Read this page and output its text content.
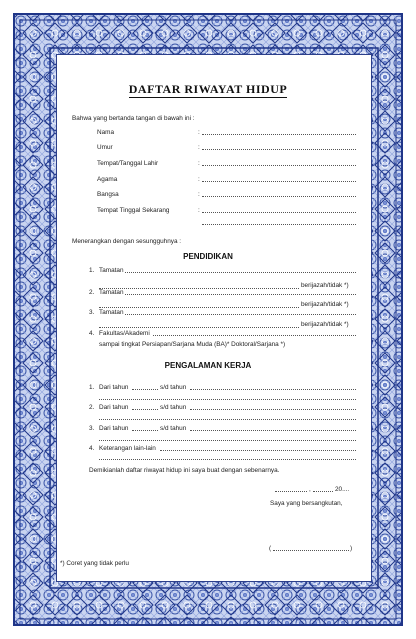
DAFTAR RIWAYAT HIDUP
Bahwa yang bertanda tangan di bawah ini :
Nama	:
Umur	:
Tempat/Tanggal Lahir	:
Agama	:
Bangsa	:
Tempat Tinggal Sekarang	:
Menerangkan dengan sesungguhnya :
PENDIDIKAN
1. Tamatan
berijazah/tidak *)
2. Tamatan
berijazah/tidak *)
3. Tamatan
berijazah/tidak *)
4. Fakultas/Akademi
sampai tingkat Persiapan/Sarjana Muda (BA)* Doktoral/Sarjana *)
PENGALAMAN KERJA
1. Dari tahun	s/d tahun
2. Dari tahun	s/d tahun
3. Dari tahun	s/d tahun
4. Keterangan lain-lain
Demikianlah daftar riwayat hidup ini saya buat dengan sebenarnya.
,	20....
Saya yang bersangkutan,
(	)
*) Coret yang tidak perlu
